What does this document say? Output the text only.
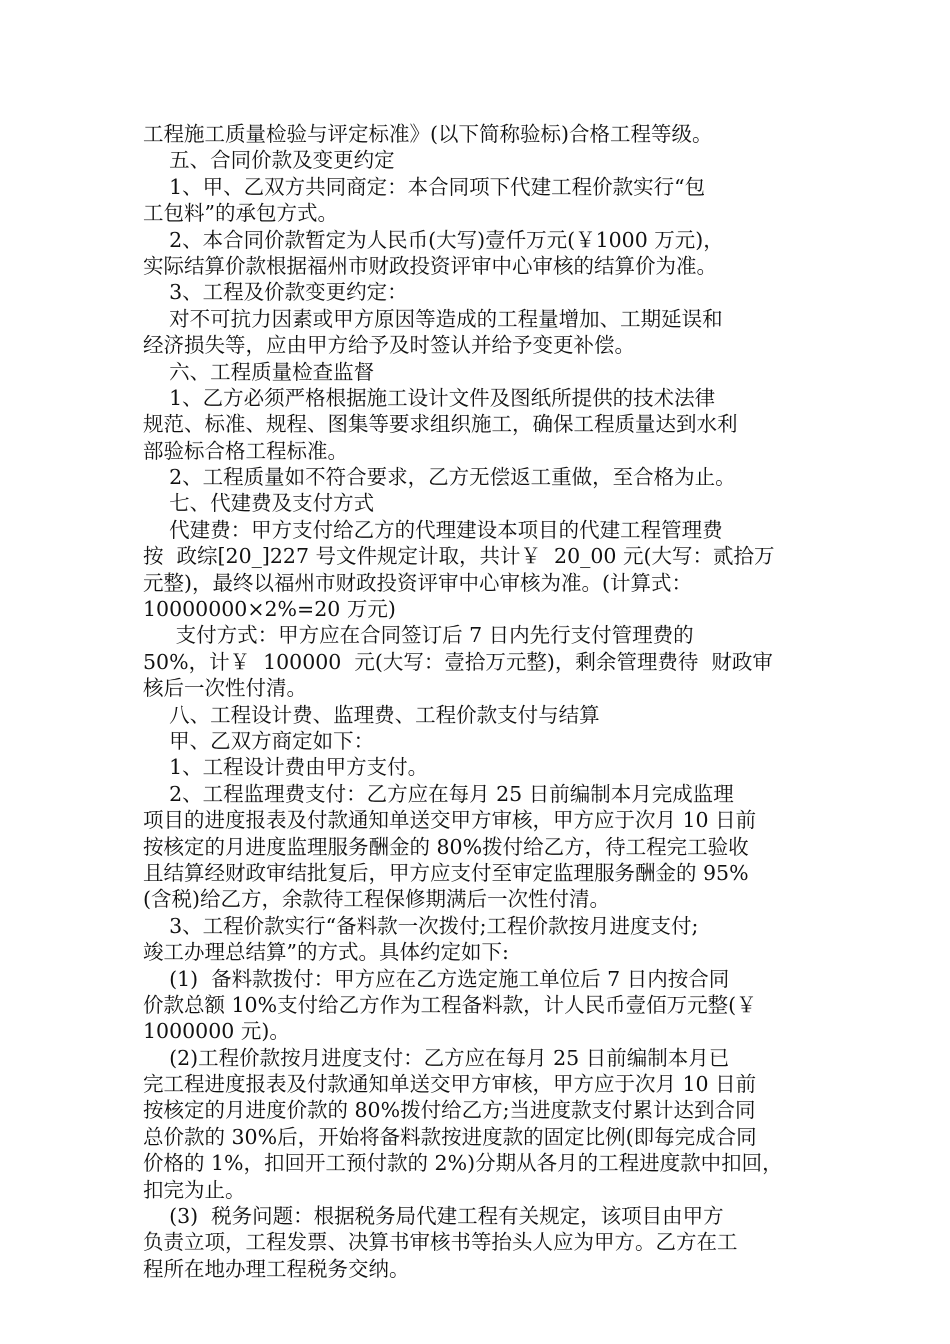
工程施工质量检验与评定标准》(以下简称验标)合格工程等级。
五、合同价款及变更约定
1、甲、乙双方共同商定：本合同项下代建工程价款实行“包
工包料”的承包方式。
2、本合同价款暂定为人民币(大写)壹仟万元(￥1000 万元)，
实际结算价款根据福州市财政投资评审中心审核的结算价为准。
3、工程及价款变更约定：
对不可抗力因素或甲方原因等造成的工程量增加、工期延误和
经济损失等，应由甲方给予及时签认并给予变更补偿。
六、工程质量检查监督
1、乙方必须严格根据施工设计文件及图纸所提供的技术法律
规范、标准、规程、图集等要求组织施工，确保工程质量达到水利
部验标合格工程标准。
2、工程质量如不符合要求，乙方无偿返工重做，至合格为止。
七、代建费及支付方式
代建费：甲方支付给乙方的代理建设本项目的代建工程管理费
按  政综[20_]227 号文件规定计取，共计￥  20_00 元(大写：贰拾万
元整)，最终以福州市财政投资评审中心审核为准。(计算式：
10000000×2%=20 万元)
支付方式：甲方应在合同签订后 7 日内先行支付管理费的
50%，计￥  100000  元(大写：壹拾万元整)，剩余管理费待  财政审
核后一次性付清。
八、工程设计费、监理费、工程价款支付与结算
甲、乙双方商定如下：
1、工程设计费由甲方支付。
2、工程监理费支付：乙方应在每月 25 日前编制本月完成监理
项目的进度报表及付款通知单送交甲方审核，甲方应于次月 10 日前
按核定的月进度监理服务酬金的 80%拨付给乙方，待工程完工验收
且结算经财政审结批复后，甲方应支付至审定监理服务酬金的 95%
(含税)给乙方，余款待工程保修期满后一次性付清。
3、工程价款实行“备料款一次拨付;工程价款按月进度支付;
竣工办理总结算”的方式。具体约定如下:
(1)  备料款拨付：甲方应在乙方选定施工单位后 7 日内按合同
价款总额 10%支付给乙方作为工程备料款，计人民币壹佰万元整(￥
1000000 元)。
(2)工程价款按月进度支付：乙方应在每月 25 日前编制本月已
完工程进度报表及付款通知单送交甲方审核，甲方应于次月 10 日前
按核定的月进度价款的 80%拨付给乙方;当进度款支付累计达到合同
总价款的 30%后，开始将备料款按进度款的固定比例(即每完成合同
价格的 1%，扣回开工预付款的 2%)分期从各月的工程进度款中扣回，
扣完为止。
(3)  税务问题：根据税务局代建工程有关规定，该项目由甲方
负责立项，工程发票、决算书审核书等抬头人应为甲方。乙方在工
程所在地办理工程税务交纳。
